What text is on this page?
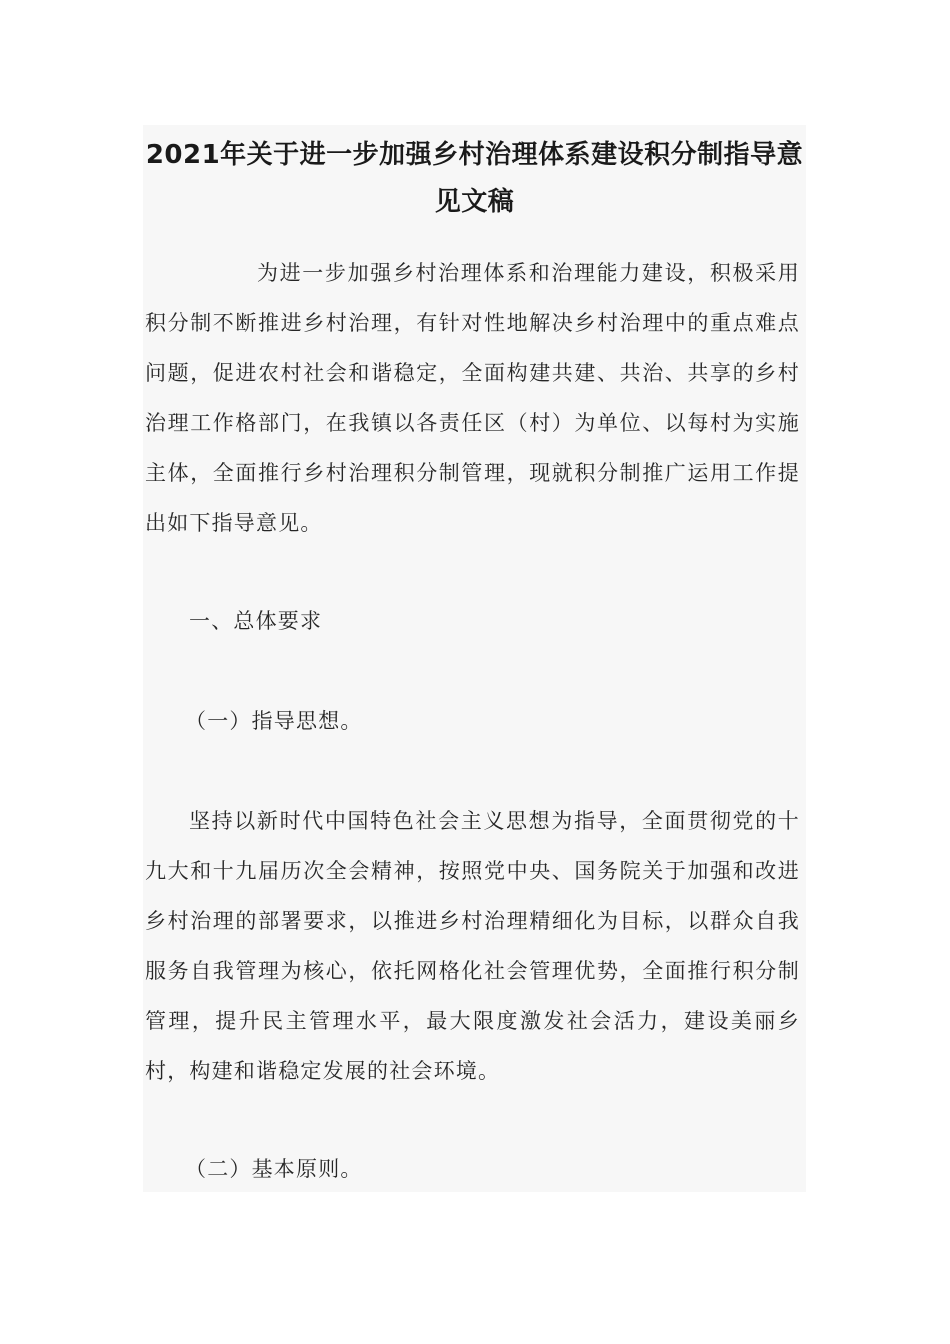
2021年关于进一步加强乡村治理体系建设积分制指导意见文稿

为进一步加强乡村治理体系和治理能力建设，积极采用积分制不断推进乡村治理，有针对性地解决乡村治理中的重点难点问题，促进农村社会和谐稳定，全面构建共建、共治、共享的乡村治理工作格部门，在我镇以各责任区（村）为单位、以每村为实施主体，全面推行乡村治理积分制管理，现就积分制推广运用工作提出如下指导意见。

一、总体要求

（一）指导思想。

坚持以新时代中国特色社会主义思想为指导，全面贯彻党的十九大和十九届历次全会精神，按照党中央、国务院关于加强和改进乡村治理的部署要求，以推进乡村治理精细化为目标，以群众自我服务自我管理为核心，依托网格化社会管理优势，全面推行积分制管理，提升民主管理水平，最大限度激发社会活力，建设美丽乡村，构建和谐稳定发展的社会环境。

（二）基本原则。
